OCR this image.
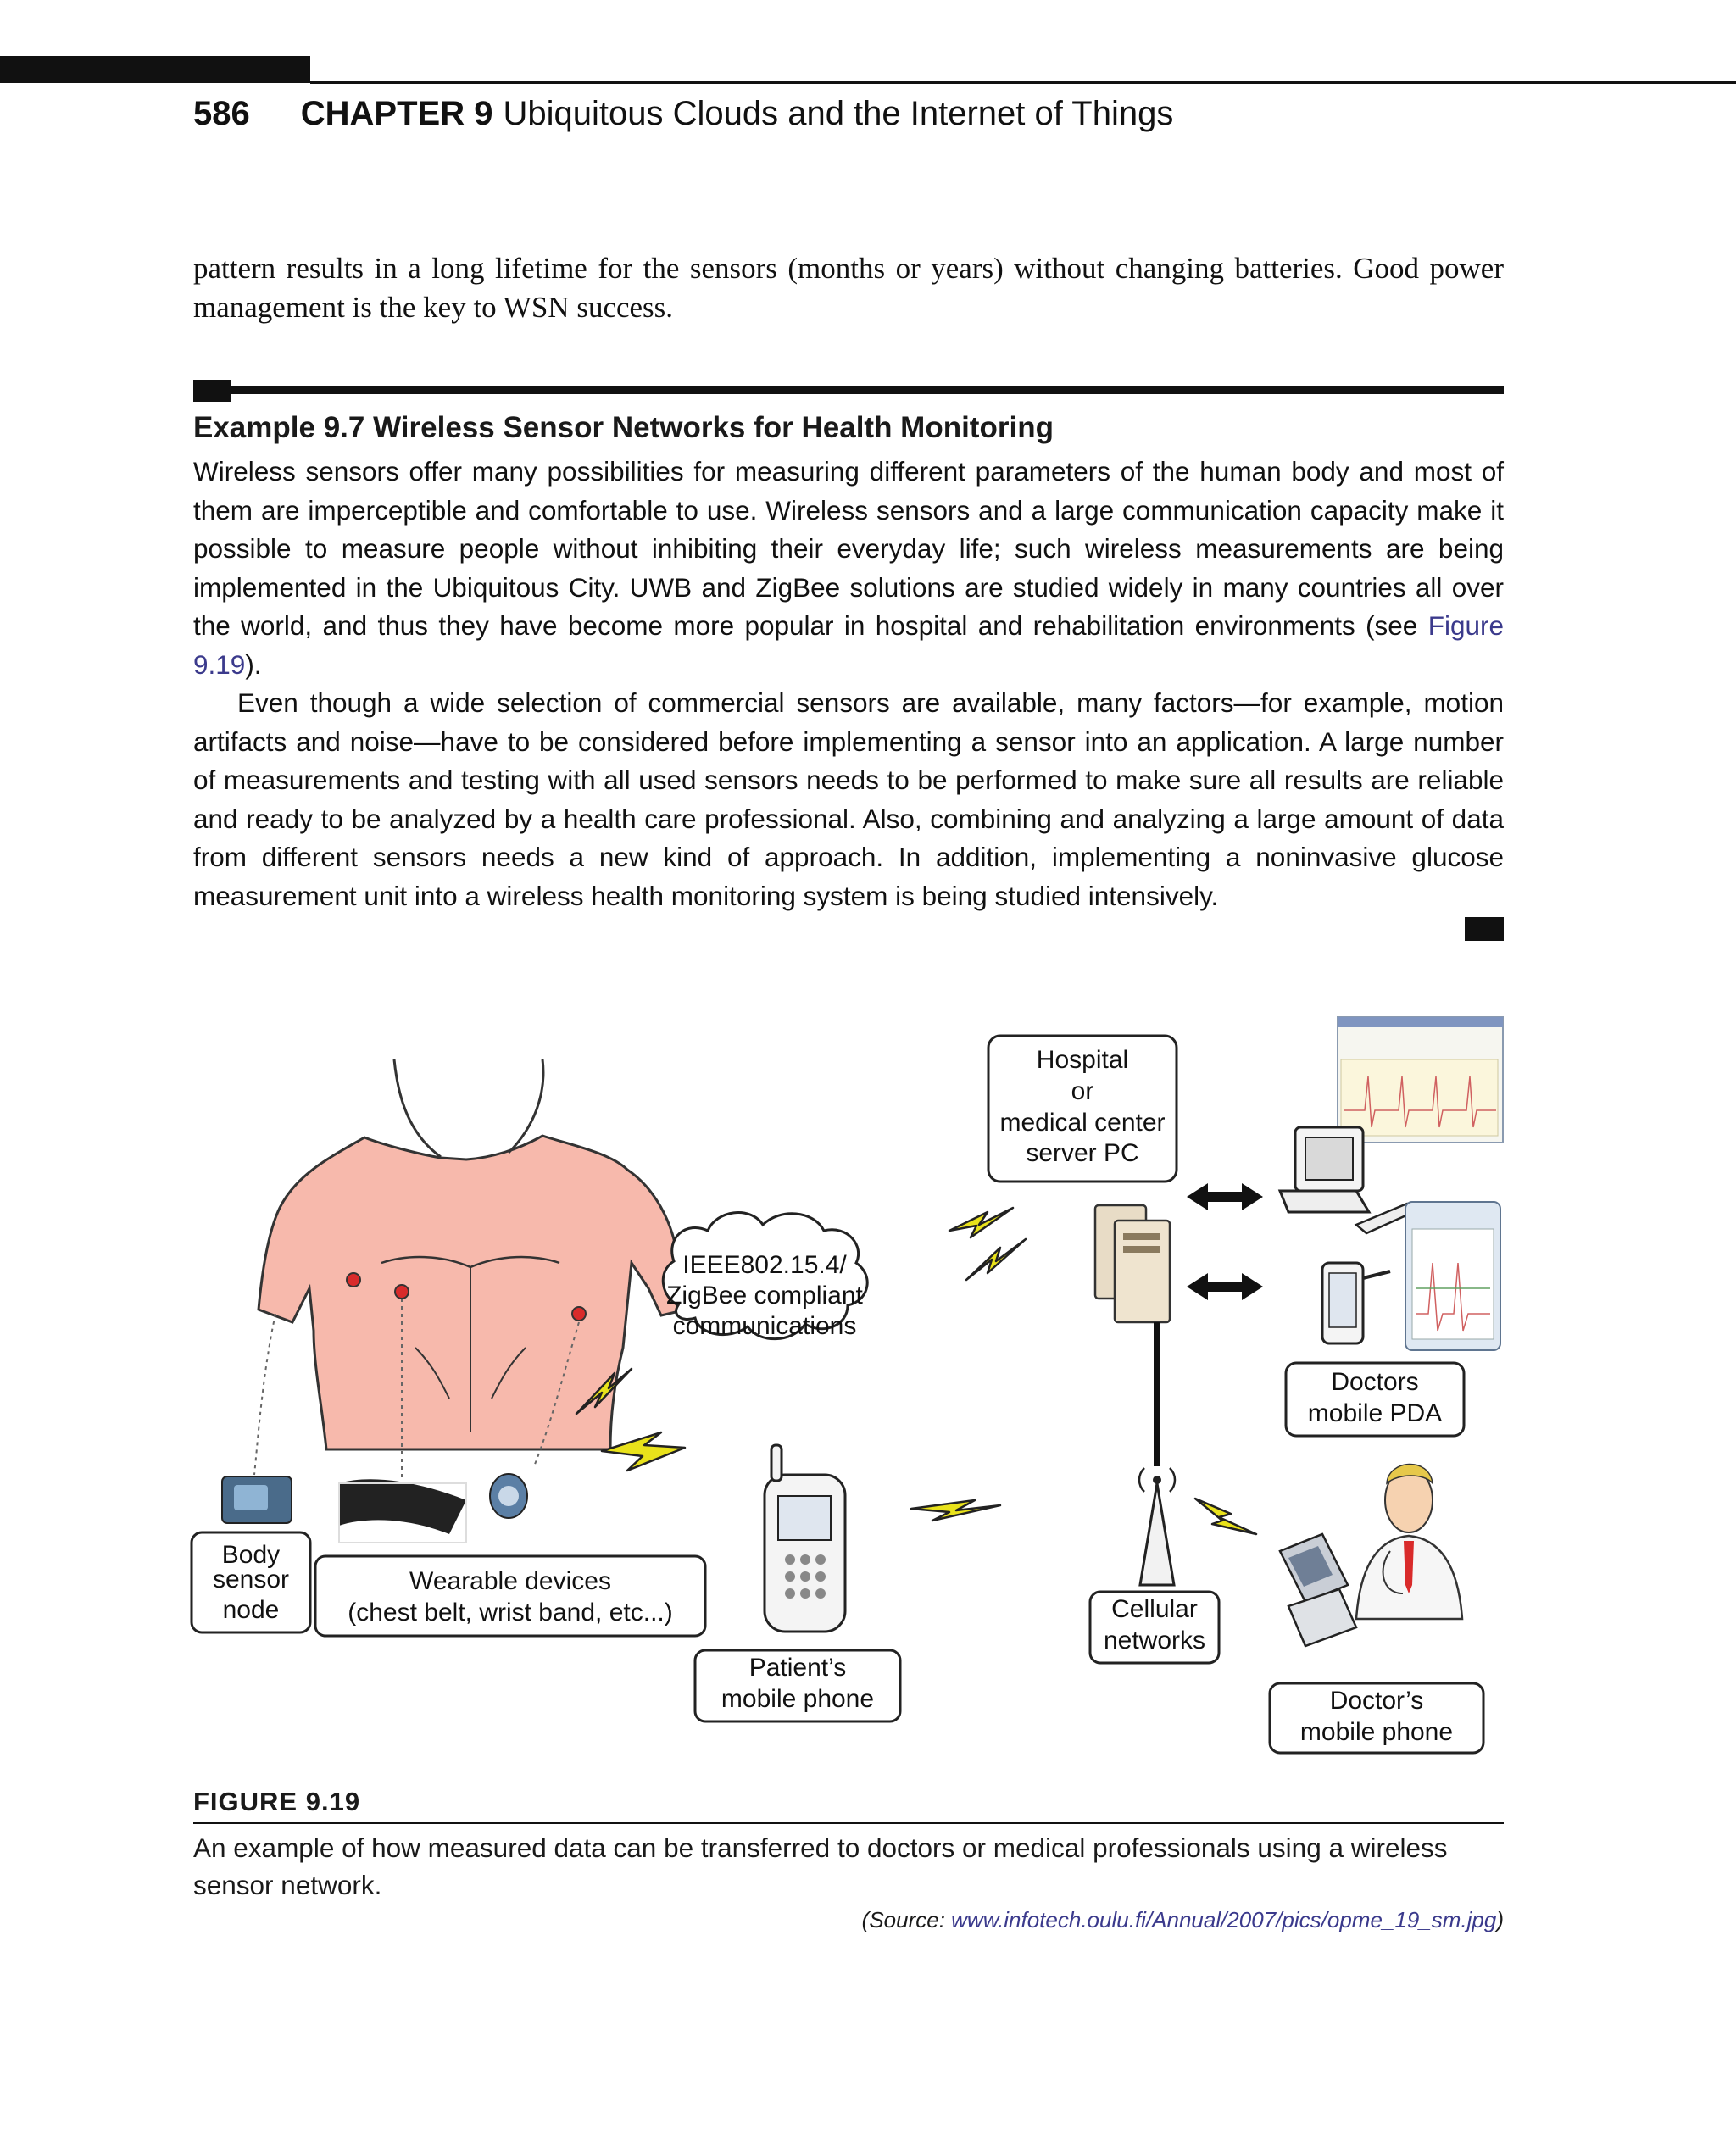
586 CHAPTER 9 Ubiquitous Clouds and the Internet of Things
pattern results in a long lifetime for the sensors (months or years) without changing batteries. Good power management is the key to WSN success.
Example 9.7 Wireless Sensor Networks for Health Monitoring

Wireless sensors offer many possibilities for measuring different parameters of the human body and most of them are imperceptible and comfortable to use. Wireless sensors and a large communication capacity make it possible to measure people without inhibiting their everyday life; such wireless measurements are being implemented in the Ubiquitous City. UWB and ZigBee solutions are studied widely in many countries all over the world, and thus they have become more popular in hospital and rehabilitation environments (see Figure 9.19).

Even though a wide selection of commercial sensors are available, many factors—for example, motion artifacts and noise—have to be considered before implementing a sensor into an application. A large number of measurements and testing with all used sensors needs to be performed to make sure all results are reliable and ready to be analyzed by a health care professional. Also, combining and analyzing a large amount of data from different sensors needs a new kind of approach. In addition, implementing a noninvasive glucose measurement unit into a wireless health monitoring system is being studied intensively.

Body
sensor
node
Wearable devices
(chest belt, wrist band, etc...)
IEEE802.15.4/
ZigBee compliant
communications
Patient’s
mobile phone
Hospital
or
medical center
server PC
Cellular
networks
Doctors
mobile PDA
Doctor’s
mobile phone
FIGURE 9.19
An example of how measured data can be transferred to doctors or medical professionals using a wireless sensor network.
(Source: www.infotech.oulu.fi/Annual/2007/pics/opme_19_sm.jpg)
